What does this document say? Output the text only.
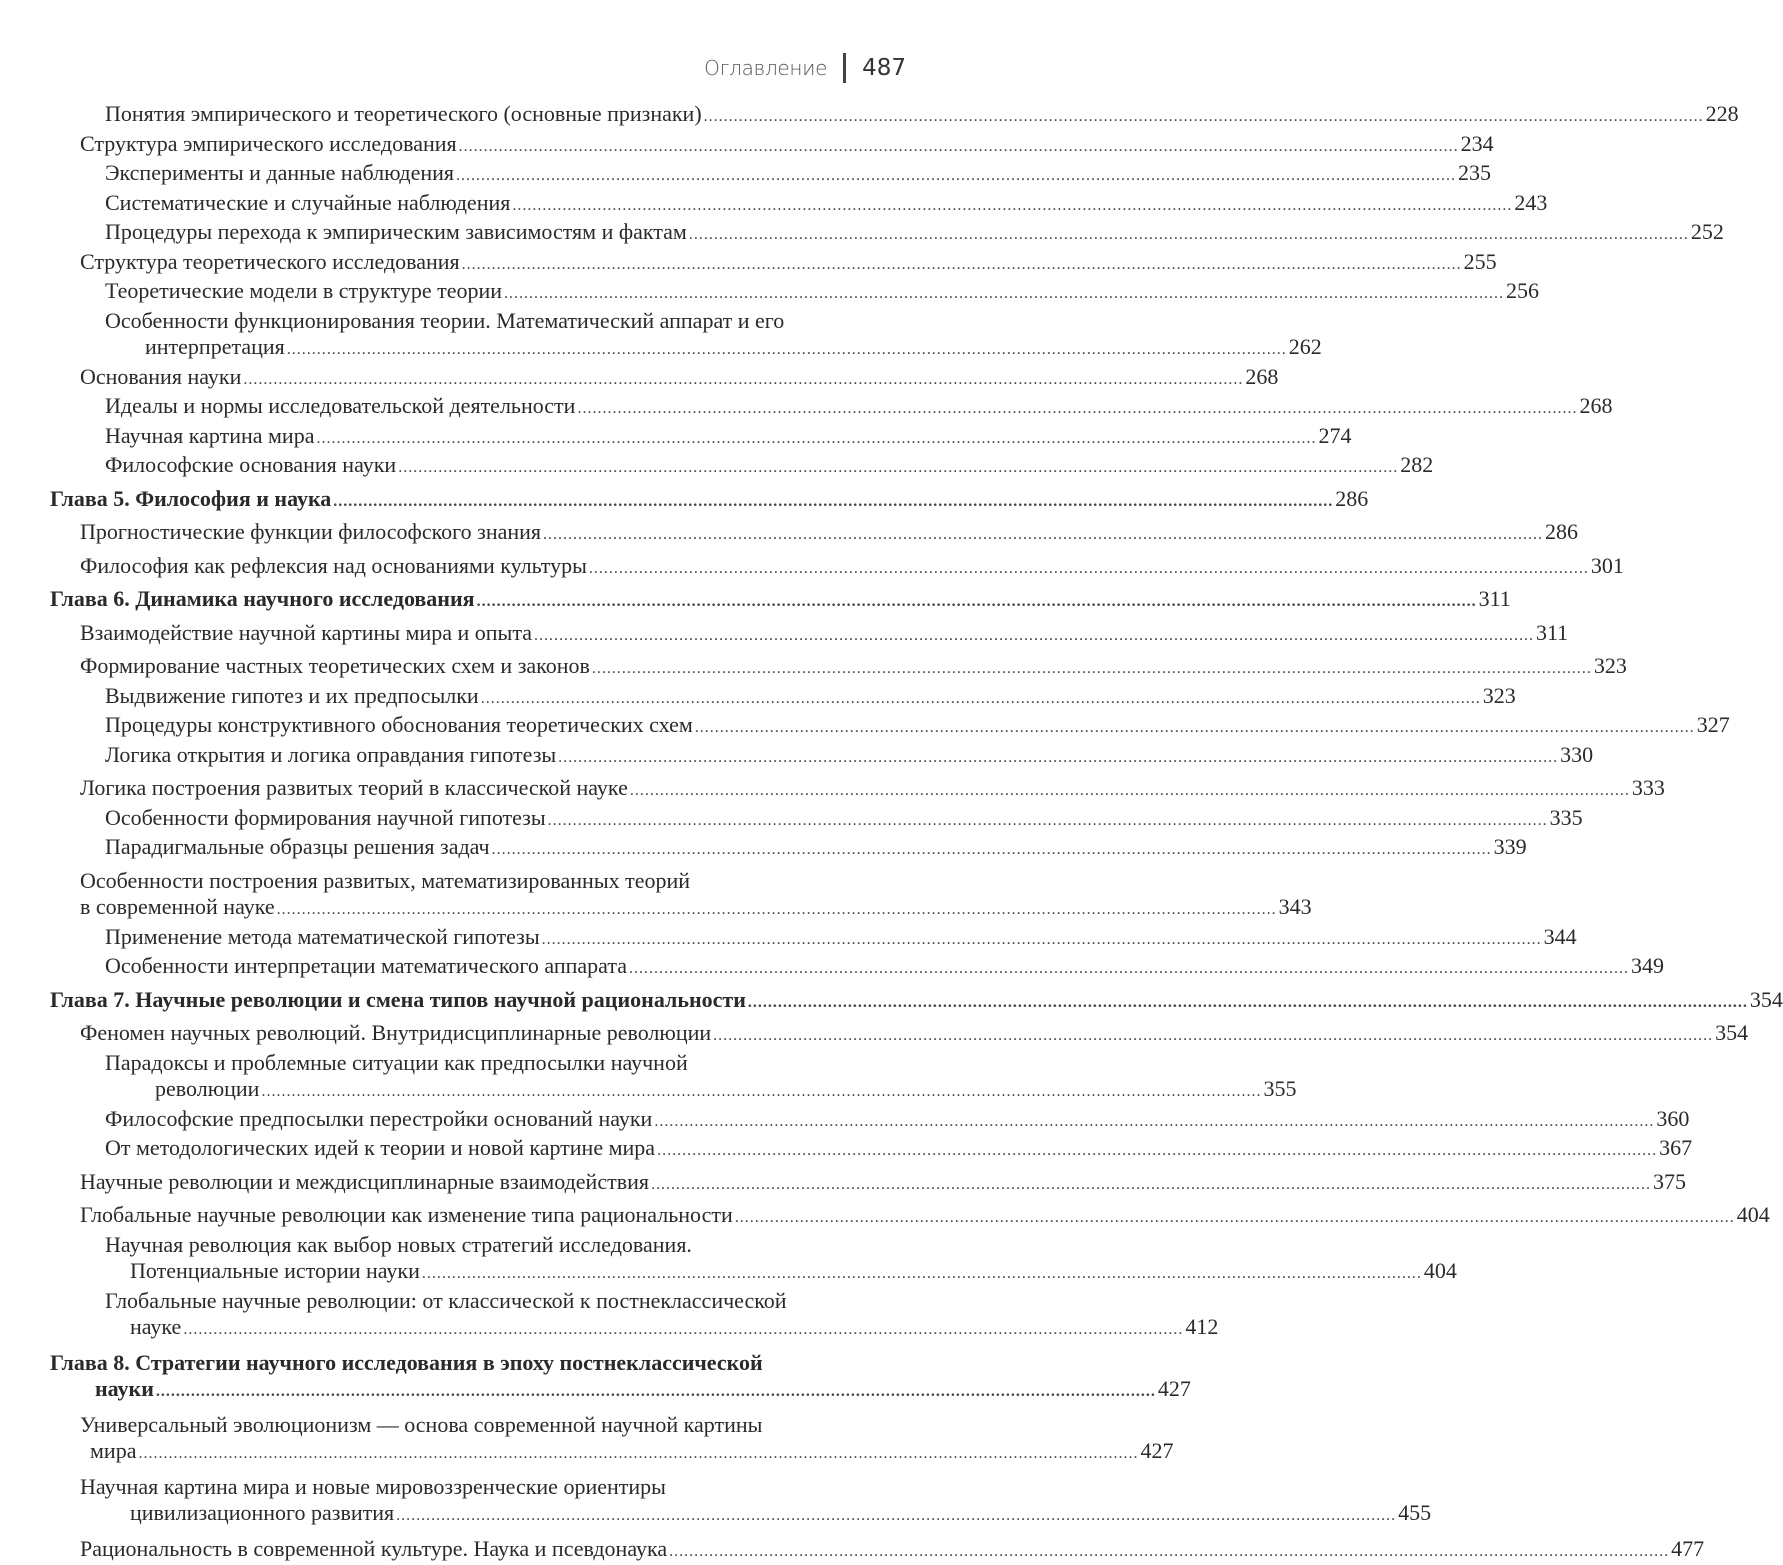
Оглавление 487
Понятия эмпирического и теоретического (основные признаки) ........................................................................................................................................................................................................ 228
Структура эмпирического исследования ........................................................................................................................................................................................................ 234
Эксперименты и данные наблюдения ........................................................................................................................................................................................................ 235
Систематические и случайные наблюдения ........................................................................................................................................................................................................ 243
Процедуры перехода к эмпирическим зависимостям и фактам ........................................................................................................................................................................................................ 252
Структура теоретического исследования ........................................................................................................................................................................................................ 255
Теоретические модели в структуре теории ........................................................................................................................................................................................................ 256
Особенности функционирования теории. Математический аппарат и его
интерпретация ........................................................................................................................................................................................................ 262
Основания науки ........................................................................................................................................................................................................ 268
Идеалы и нормы исследовательской деятельности ........................................................................................................................................................................................................ 268
Научная картина мира ........................................................................................................................................................................................................ 274
Философские основания науки ........................................................................................................................................................................................................ 282
Глава 5. Философия и наука ........................................................................................................................................................................................................ 286
Прогностические функции философского знания ........................................................................................................................................................................................................ 286
Философия как рефлексия над основаниями культуры ........................................................................................................................................................................................................ 301
Глава 6. Динамика научного исследования ........................................................................................................................................................................................................ 311
Взаимодействие научной картины мира и опыта ........................................................................................................................................................................................................ 311
Формирование частных теоретических схем и законов ........................................................................................................................................................................................................ 323
Выдвижение гипотез и их предпосылки ........................................................................................................................................................................................................ 323
Процедуры конструктивного обоснования теоретических схем ........................................................................................................................................................................................................ 327
Логика открытия и логика оправдания гипотезы ........................................................................................................................................................................................................ 330
Логика построения развитых теорий в классической науке ........................................................................................................................................................................................................ 333
Особенности формирования научной гипотезы ........................................................................................................................................................................................................ 335
Парадигмальные образцы решения задач ........................................................................................................................................................................................................ 339
Особенности построения развитых, математизированных теорий
в современной науке ........................................................................................................................................................................................................ 343
Применение метода математической гипотезы ........................................................................................................................................................................................................ 344
Особенности интерпретации математического аппарата ........................................................................................................................................................................................................ 349
Глава 7. Научные революции и смена типов научной рациональности ........................................................................................................................................................................................................ 354
Феномен научных революций. Внутридисциплинарные революции ........................................................................................................................................................................................................ 354
Парадоксы и проблемные ситуации как предпосылки научной
революции ........................................................................................................................................................................................................ 355
Философские предпосылки перестройки оснований науки ........................................................................................................................................................................................................ 360
От методологических идей к теории и новой картине мира ........................................................................................................................................................................................................ 367
Научные революции и междисциплинарные взаимодействия ........................................................................................................................................................................................................ 375
Глобальные научные революции как изменение типа рациональности ........................................................................................................................................................................................................ 404
Научная революция как выбор новых стратегий исследования.
Потенциальные истории науки ........................................................................................................................................................................................................ 404
Глобальные научные революции: от классической к постнеклассической
науке ........................................................................................................................................................................................................ 412
Глава 8. Стратегии научного исследования в эпоху постнеклассической
науки ........................................................................................................................................................................................................ 427
Универсальный эволюционизм — основа современной научной картины
мира ........................................................................................................................................................................................................ 427
Научная картина мира и новые мировоззренческие ориентиры
цивилизационного развития ........................................................................................................................................................................................................ 455
Рациональность в современной культуре. Наука и псевдонаука ........................................................................................................................................................................................................ 477
